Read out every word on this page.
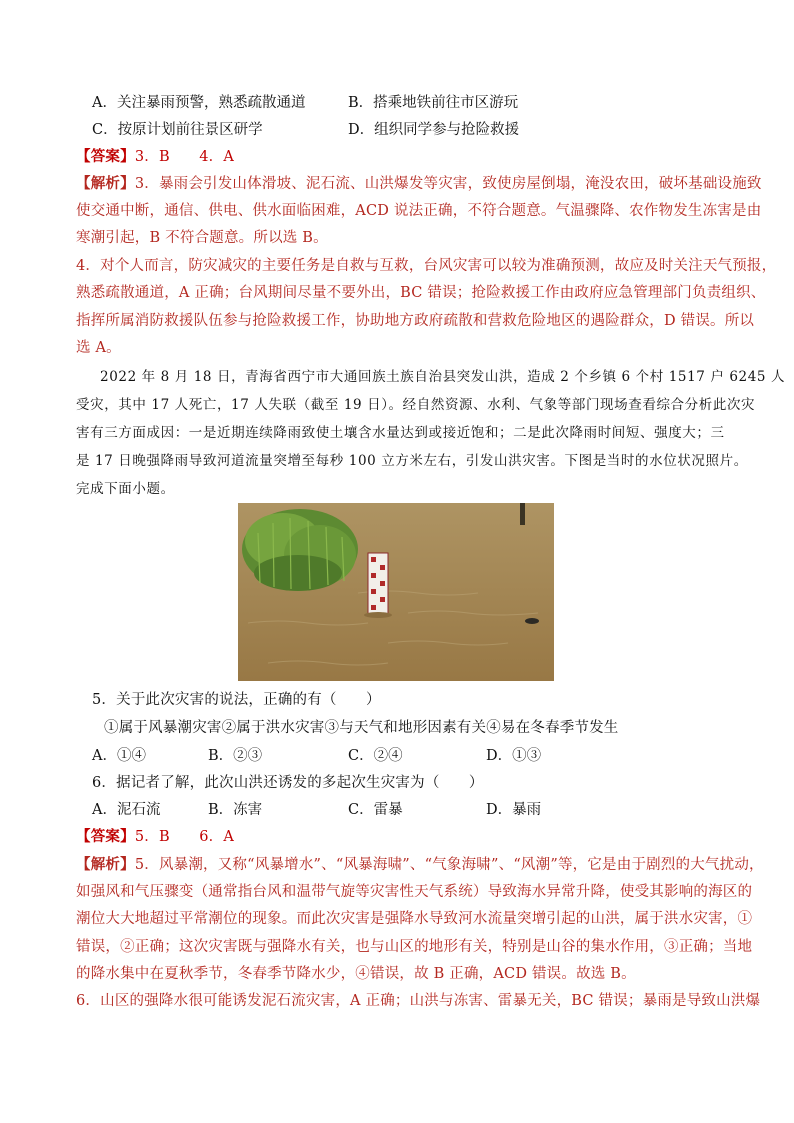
A．关注暴雨预警，熟悉疏散通道	B．搭乘地铁前往市区游玩
C．按原计划前往景区研学	D．组织同学参与抢险救援
【答案】3．B　　4．A
【解析】3．暴雨会引发山体滑坡、泥石流、山洪爆发等灾害，致使房屋倒塌，淹没农田，破坏基础设施致
使交通中断，通信、供电、供水面临困难，ACD 说法正确，不符合题意。气温骤降、农作物发生冻害是由
寒潮引起，B 不符合题意。所以选 B。
4．对个人而言，防灾减灾的主要任务是自救与互救，台风灾害可以较为准确预测，故应及时关注天气预报，
熟悉疏散通道，A 正确；台风期间尽量不要外出，BC 错误；抢险救援工作由政府应急管理部门负责组织、
指挥所属消防救援队伍参与抢险救援工作，协助地方政府疏散和营救危险地区的遇险群众，D 错误。所以
选 A。
2022 年 8 月 18 日，青海省西宁市大通回族土族自治县突发山洪，造成 2 个乡镇 6 个村 1517 户 6245 人
受灾，其中 17 人死亡，17 人失联（截至 19 日）。经自然资源、水利、气象等部门现场查看综合分析此次灾
害有三方面成因：一是近期连续降雨致使土壤含水量达到或接近饱和；二是此次降雨时间短、强度大；三
是 17 日晚强降雨导致河道流量突增至每秒 100 立方米左右，引发山洪灾害。下图是当时的水位状况照片。
完成下面小题。
5．关于此次灾害的说法，正确的有（　　）
①属于风暴潮灾害②属于洪水灾害③与天气和地形因素有关④易在冬春季节发生
A．①④	B．②③	C．②④	D．①③
6．据记者了解，此次山洪还诱发的多起次生灾害为（　　）
A．泥石流	B．冻害	C．雷暴	D．暴雨
【答案】5．B　　6．A
【解析】5．风暴潮，又称“风暴增水”、“风暴海啸”、“气象海啸”、“风潮”等，它是由于剧烈的大气扰动，
如强风和气压骤变（通常指台风和温带气旋等灾害性天气系统）导致海水异常升降，使受其影响的海区的
潮位大大地超过平常潮位的现象。而此次灾害是强降水导致河水流量突增引起的山洪，属于洪水灾害，①
错误，②正确；这次灾害既与强降水有关，也与山区的地形有关，特别是山谷的集水作用，③正确；当地
的降水集中在夏秋季节，冬春季节降水少，④错误，故 B 正确，ACD 错误。故选 B。
6．山区的强降水很可能诱发泥石流灾害，A 正确；山洪与冻害、雷暴无关，BC 错误；暴雨是导致山洪爆
